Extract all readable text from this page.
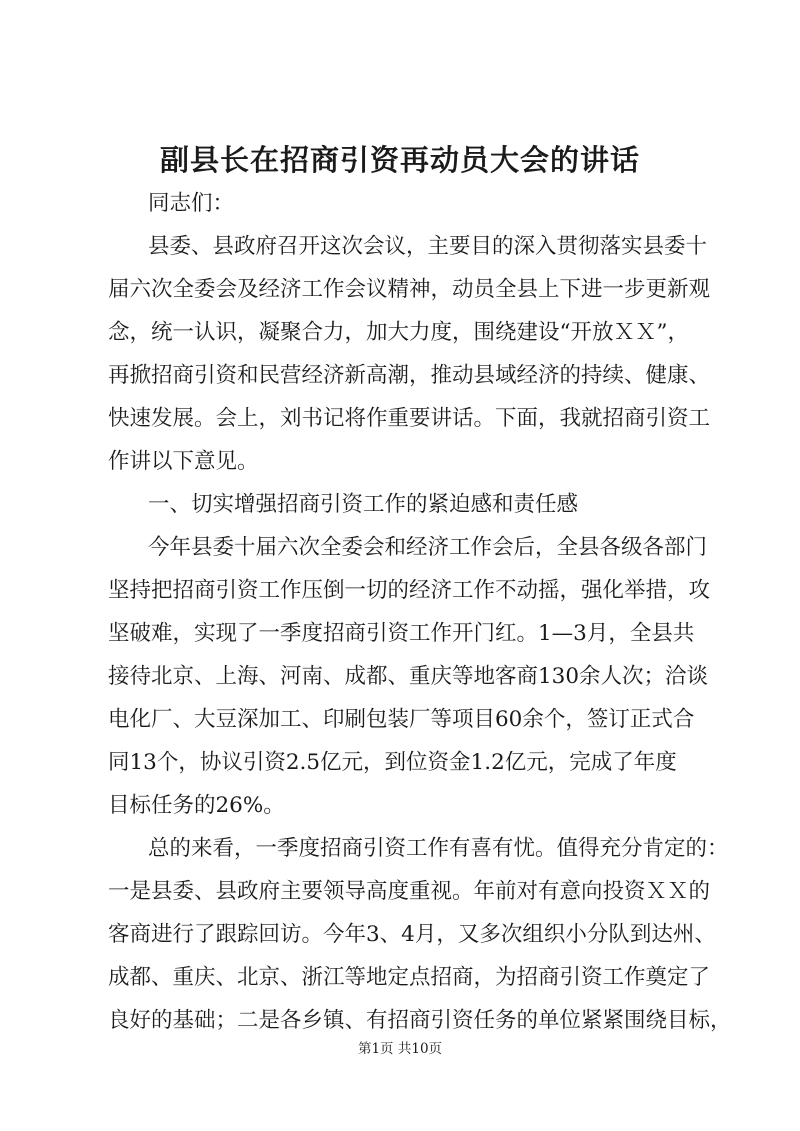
副县长在招商引资再动员大会的讲话
同志们：
县委、县政府召开这次会议，主要目的深入贯彻落实县委十
届六次全委会及经济工作会议精神，动员全县上下进一步更新观
念，统一认识，凝聚合力，加大力度，围绕建设“开放ＸＸ”，
再掀招商引资和民营经济新高潮，推动县域经济的持续、健康、
快速发展。会上，刘书记将作重要讲话。下面，我就招商引资工
作讲以下意见。
一、切实增强招商引资工作的紧迫感和责任感
今年县委十届六次全委会和经济工作会后，全县各级各部门
坚持把招商引资工作压倒一切的经济工作不动摇，强化举措，攻
坚破难，实现了一季度招商引资工作开门红。1—3月，全县共
接待北京、上海、河南、成都、重庆等地客商130余人次；洽谈
电化厂、大豆深加工、印刷包装厂等项目60余个，签订正式合
同13个，协议引资2.5亿元，到位资金1.2亿元，完成了年度
目标任务的26%。
总的来看，一季度招商引资工作有喜有忧。值得充分肯定的：
一是县委、县政府主要领导高度重视。年前对有意向投资ＸＸ的
客商进行了跟踪回访。今年3、4月，又多次组织小分队到达州、
成都、重庆、北京、浙江等地定点招商，为招商引资工作奠定了
良好的基础；二是各乡镇、有招商引资任务的单位紧紧围绕目标，
第1页 共10页
